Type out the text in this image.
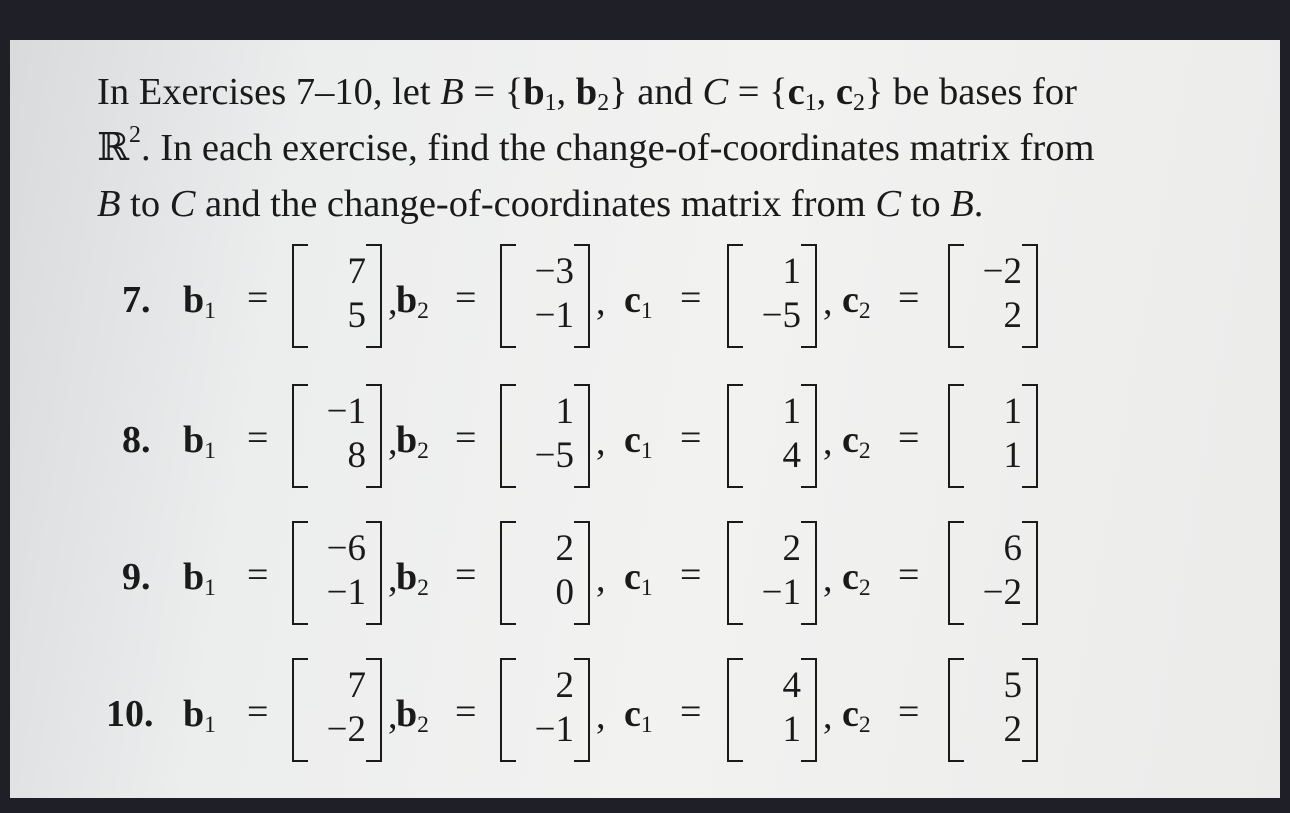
In Exercises 7–10, let $B = \{b_1$, $b_2$} and $C = \{c_1$, $c_2$} be bases for
ℝ$^2$. In each exercise, find the change-of-coordinates matrix from
B to C and the change-of-coordinates matrix from C to B.
7. $b_1$ =
7
5 ,
$b_2$ =
−3
−1 , $c_1$ =
1
−5 , $c_2$ =
−2
2
8. $b_1$ =
−1
8 ,
$b_2$ =
1
−5 , $c_1$ =
1
4 , $c_2$ =
1
1
9. $b_1$ =
−6
−1 ,
$b_2$ =
2
0 , $c_1$ =
2
−1 , $c_2$ =
6
−2
10. $b_1$ =
7
−2 ,
$b_2$ =
2
−1 , $c_1$ =
4
1 , $c_2$ =
5
2
